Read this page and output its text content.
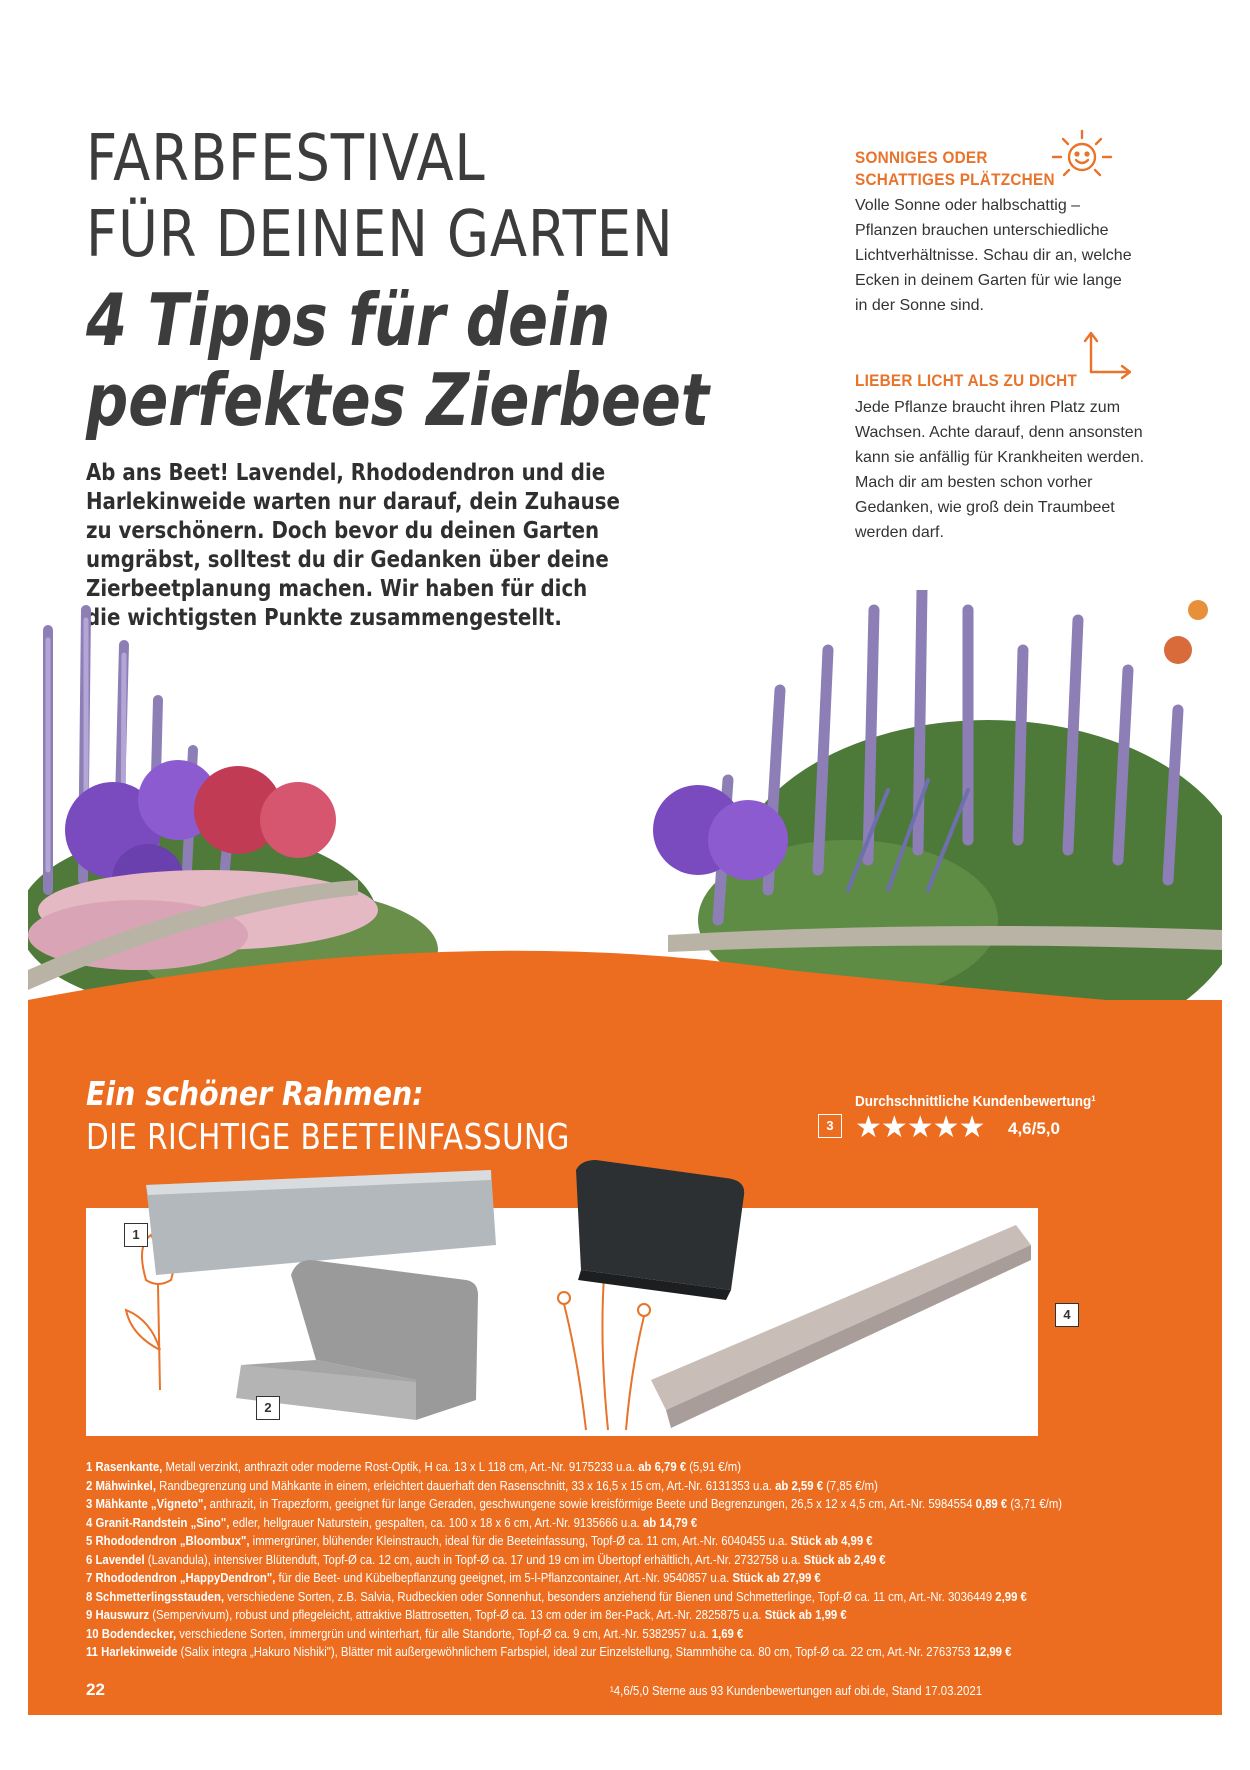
FARBFESTIVAL
FÜR DEINEN GARTEN
4 Tipps für dein
perfektes Zierbeet
Ab ans Beet! Lavendel, Rhododendron und die
Harlekinweide warten nur darauf, dein Zuhause
zu verschönern. Doch bevor du deinen Garten
umgräbst, solltest du dir Gedanken über deine
Zierbeetplanung machen. Wir haben für dich
die wichtigsten Punkte zusammengestellt.
SONNIGES ODER
SCHATTIGES PLÄTZCHEN
Volle Sonne oder halbschattig –
Pflanzen brauchen unterschiedliche
Lichtverhältnisse. Schau dir an, welche
Ecken in deinem Garten für wie lange
in der Sonne sind.
LIEBER LICHT ALS ZU DICHT
Jede Pflanze braucht ihren Platz zum
Wachsen. Achte darauf, denn ansonsten
kann sie anfällig für Krankheiten werden.
Mach dir am besten schon vorher
Gedanken, wie groß dein Traumbeet
werden darf.
Ein schöner Rahmen:
DIE RICHTIGE BEETEINFASSUNG
Durchschnittliche Kundenbewertung¹
3 ★★★★★ 4,6/5,0
1
2
4
1 Rasenkante, Metall verzinkt, anthrazit oder moderne Rost-Optik, H ca. 13 x L 118 cm, Art.-Nr. 9175233 u.a. ab 6,79 € (5,91 €/m)
2 Mähwinkel, Randbegrenzung und Mähkante in einem, erleichtert dauerhaft den Rasenschnitt, 33 x 16,5 x 15 cm, Art.-Nr. 6131353 u.a. ab 2,59 € (7,85 €/m)
3 Mähkante „Vigneto", anthrazit, in Trapezform, geeignet für lange Geraden, geschwungene sowie kreisförmige Beete und Begrenzungen, 26,5 x 12 x 4,5 cm, Art.-Nr. 5984554 0,89 € (3,71 €/m)
4 Granit-Randstein „Sino", edler, hellgrauer Naturstein, gespalten, ca. 100 x 18 x 6 cm, Art.-Nr. 9135666 u.a. ab 14,79 €
5 Rhododendron „Bloombux", immergrüner, blühender Kleinstrauch, ideal für die Beeteinfassung, Topf-Ø ca. 11 cm, Art.-Nr. 6040455 u.a. Stück ab 4,99 €
6 Lavendel (Lavandula), intensiver Blütenduft, Topf-Ø ca. 12 cm, auch in Topf-Ø ca. 17 und 19 cm im Übertopf erhältlich, Art.-Nr. 2732758 u.a. Stück ab 2,49 €
7 Rhododendron „HappyDendron", für die Beet- und Kübelbepflanzung geeignet, im 5-l-Pflanzcontainer, Art.-Nr. 9540857 u.a. Stück ab 27,99 €
8 Schmetterlingsstauden, verschiedene Sorten, z.B. Salvia, Rudbeckien oder Sonnenhut, besonders anziehend für Bienen und Schmetterlinge, Topf-Ø ca. 11 cm, Art.-Nr. 3036449 2,99 €
9 Hauswurz (Sempervivum), robust und pflegeleicht, attraktive Blattrosetten, Topf-Ø ca. 13 cm oder im 8er-Pack, Art.-Nr. 2825875 u.a. Stück ab 1,99 €
10 Bodendecker, verschiedene Sorten, immergrün und winterhart, für alle Standorte, Topf-Ø ca. 9 cm, Art.-Nr. 5382957 u.a. 1,69 €
11 Harlekinweide (Salix integra „Hakuro Nishiki"), Blätter mit außergewöhnlichem Farbspiel, ideal zur Einzelstellung, Stammhöhe ca. 80 cm, Topf-Ø ca. 22 cm, Art.-Nr. 2763753 12,99 €
22	¹4,6/5,0 Sterne aus 93 Kundenbewertungen auf obi.de, Stand 17.03.2021
